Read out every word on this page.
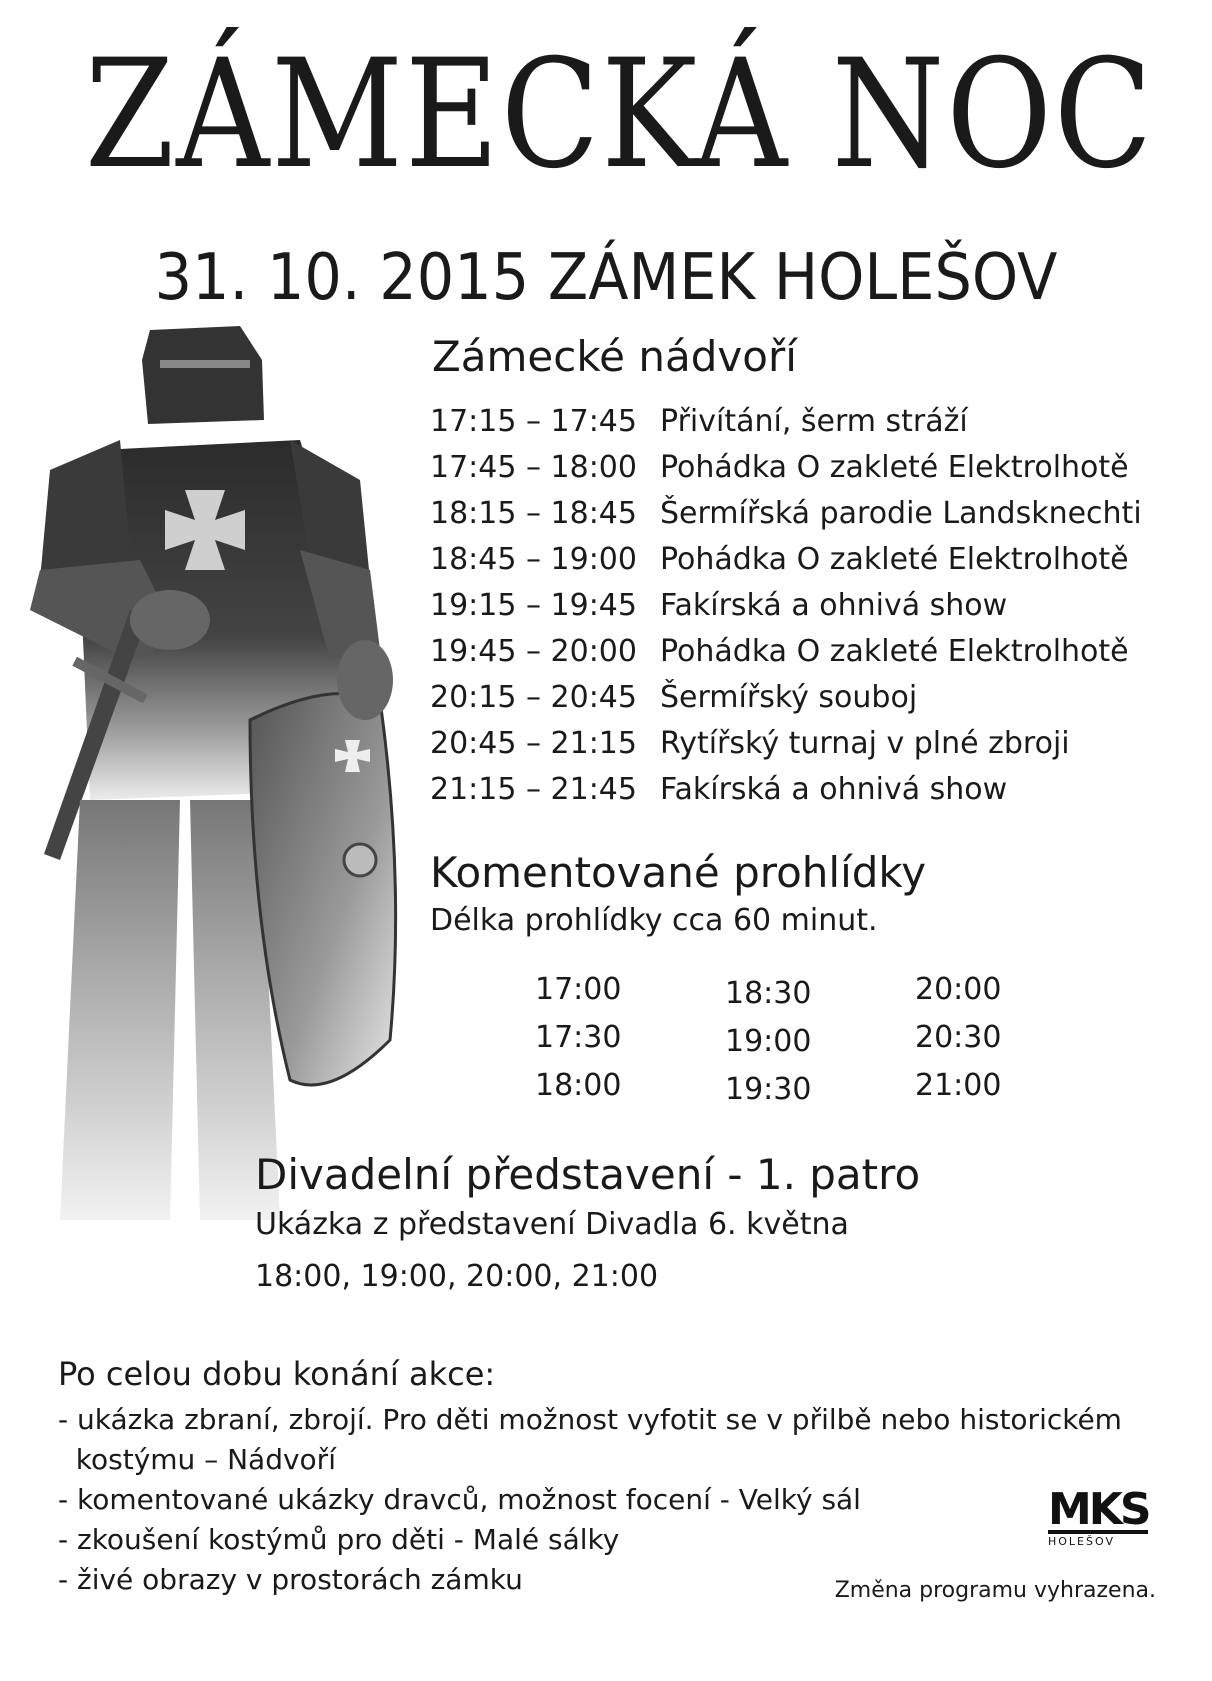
ZÁMECKÁ NOC
31. 10. 2015 ZÁMEK HOLEŠOV
Zámecké nádvoří
17:15 – 17:45 Přivítání, šerm stráží
17:45 – 18:00 Pohádka O zakleté Elektrolhotě
18:15 – 18:45 Šermířská parodie Landsknechti
18:45 – 19:00 Pohádka O zakleté Elektrolhotě
19:15 – 19:45 Fakírská a ohnivá show
19:45 – 20:00 Pohádka O zakleté Elektrolhotě
20:15 – 20:45 Šermířský souboj
20:45 – 21:15 Rytířský turnaj v plné zbroji
21:15 – 21:45 Fakírská a ohnivá show
Komentované prohlídky
Délka prohlídky cca 60 minut.
17:00
17:30
18:00
18:30
19:00
19:30
20:00
20:30
21:00
Divadelní představení - 1. patro
Ukázka z představení Divadla 6. května
18:00, 19:00, 20:00, 21:00
Po celou dobu konání akce:
- ukázka zbraní, zbrojí. Pro děti možnost vyfotit se v přilbě nebo historickém
kostýmu – Nádvoří
- komentované ukázky dravců, možnost focení - Velký sál
- zkoušení kostýmů pro děti - Malé sálky
- živé obrazy v prostorách zámku
MKS
HOLEŠOV
Změna programu vyhrazena.
